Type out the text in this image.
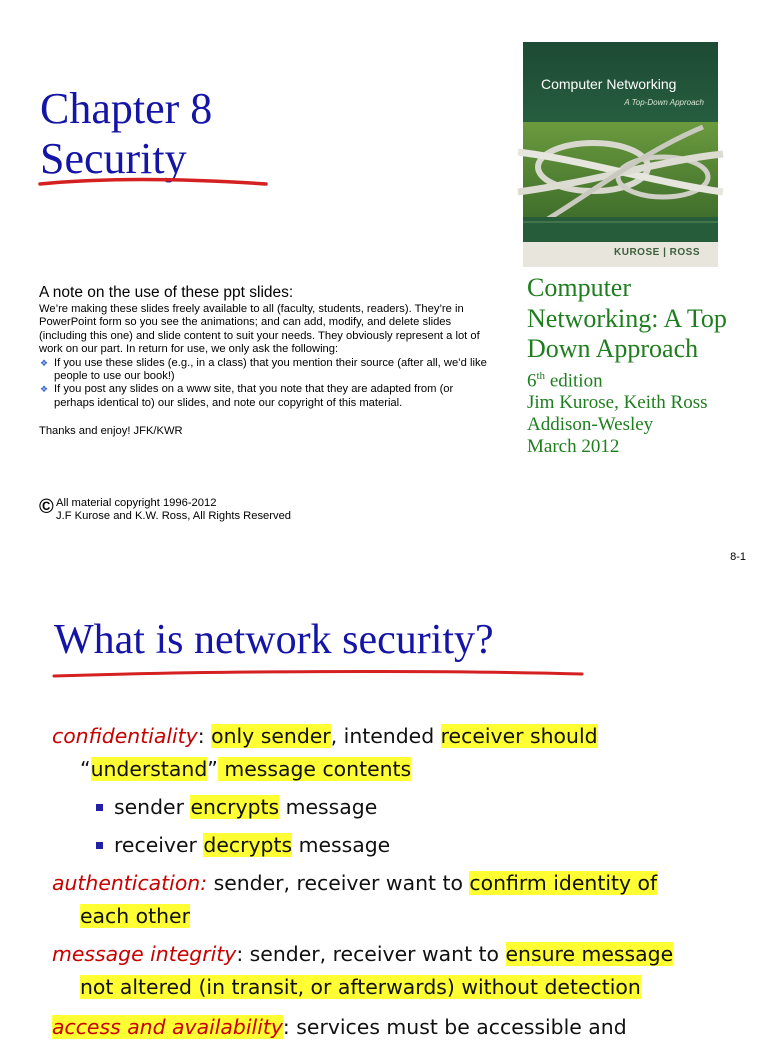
Chapter 8
Security
Computer Networking
A Top-Down Approach
KUROSE | ROSS
Computer Networking: A Top Down Approach
6th edition
Jim Kurose, Keith Ross
Addison-Wesley
March 2012
A note on the use of these ppt slides:
We’re making these slides freely available to all (faculty, students, readers). They’re in PowerPoint form so you see the animations; and can add, modify, and delete slides (including this one) and slide content to suit your needs. They obviously represent a lot of work on our part. In return for use, we only ask the following:
❖ If you use these slides (e.g., in a class) that you mention their source (after all, we’d like people to use our book!)
❖ If you post any slides on a www site, that you note that they are adapted from (or perhaps identical to) our slides, and note our copyright of this material.
Thanks and enjoy! JFK/KWR
© All material copyright 1996-2012
J.F Kurose and K.W. Ross, All Rights Reserved
8-1
What is network security?
confidentiality: only sender, intended receiver should
“understand” message contents
sender encrypts message
receiver decrypts message
authentication: sender, receiver want to confirm identity of
each other
message integrity: sender, receiver want to ensure message
not altered (in transit, or afterwards) without detection
access and availability: services must be accessible and
